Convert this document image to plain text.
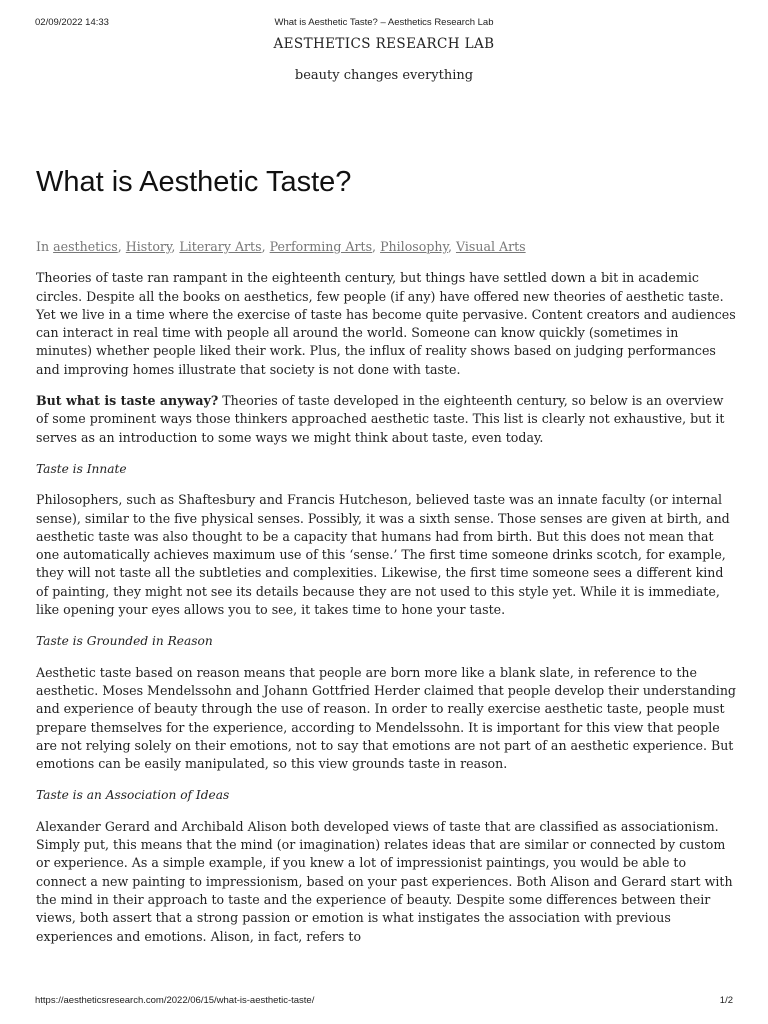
02/09/2022 14:33	What is Aesthetic Taste? – Aesthetics Research Lab
AESTHETICS RESEARCH LAB
beauty changes everything
What is Aesthetic Taste?

In aesthetics, History, Literary Arts, Performing Arts, Philosophy, Visual Arts

Theories of taste ran rampant in the eighteenth century, but things have settled down a bit in academic circles. Despite all the books on aesthetics, few people (if any) have offered new theories of aesthetic taste. Yet we live in a time where the exercise of taste has become quite pervasive. Content creators and audiences can interact in real time with people all around the world. Someone can know quickly (sometimes in minutes) whether people liked their work. Plus, the influx of reality shows based on judging performances and improving homes illustrate that society is not done with taste.

But what is taste anyway? Theories of taste developed in the eighteenth century, so below is an overview of some prominent ways those thinkers approached aesthetic taste. This list is clearly not exhaustive, but it serves as an introduction to some ways we might think about taste, even today.

Taste is Innate

Philosophers, such as Shaftesbury and Francis Hutcheson, believed taste was an innate faculty (or internal sense), similar to the five physical senses. Possibly, it was a sixth sense. Those senses are given at birth, and aesthetic taste was also thought to be a capacity that humans had from birth. But this does not mean that one automatically achieves maximum use of this ‘sense.’ The first time someone drinks scotch, for example, they will not taste all the subtleties and complexities. Likewise, the first time someone sees a different kind of painting, they might not see its details because they are not used to this style yet. While it is immediate, like opening your eyes allows you to see, it takes time to hone your taste.

Taste is Grounded in Reason

Aesthetic taste based on reason means that people are born more like a blank slate, in reference to the aesthetic. Moses Mendelssohn and Johann Gottfried Herder claimed that people develop their understanding and experience of beauty through the use of reason. In order to really exercise aesthetic taste, people must prepare themselves for the experience, according to Mendelssohn. It is important for this view that people are not relying solely on their emotions, not to say that emotions are not part of an aesthetic experience. But emotions can be easily manipulated, so this view grounds taste in reason.

Taste is an Association of Ideas

Alexander Gerard and Archibald Alison both developed views of taste that are classified as associationism. Simply put, this means that the mind (or imagination) relates ideas that are similar or connected by custom or experience. As a simple example, if you knew a lot of impressionist paintings, you would be able to connect a new painting to impressionism, based on your past experiences. Both Alison and Gerard start with the mind in their approach to taste and the experience of beauty. Despite some differences between their views, both assert that a strong passion or emotion is what instigates the association with previous experiences and emotions. Alison, in fact, refers to

https://aestheticsresearch.com/2022/06/15/what-is-aesthetic-taste/	1/2
